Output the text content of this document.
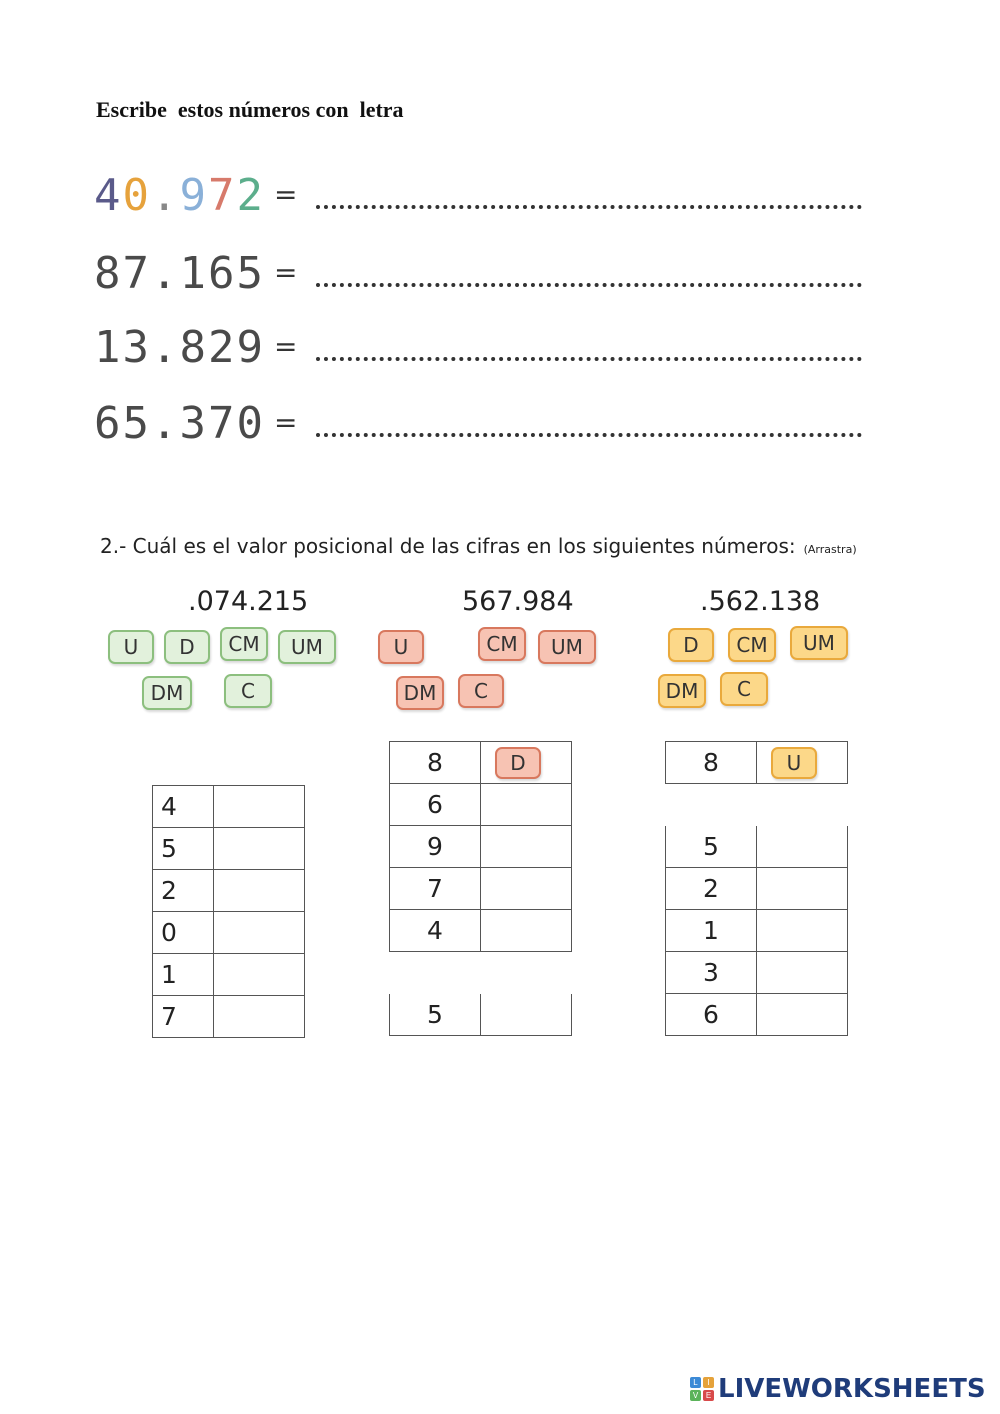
Escribe  estos números con  letra
40.972 =
87.165 =
13.829 =
65.370 =
2.- Cuál es el valor posicional de las cifras en los siguientes números: (Arrastra)
.074.215
U	D	CM	UM
DM	C
4	
5	
2	
0	
1	
7	
567.984
U	CM	UM
DM	C
8	D
6	
9	
7	
4	

5	
.562.138
D	CM	UM
DM	C
8	U

5	
2	
1	
3	
6	
L	I
V E LIVEWORKSHEETS
